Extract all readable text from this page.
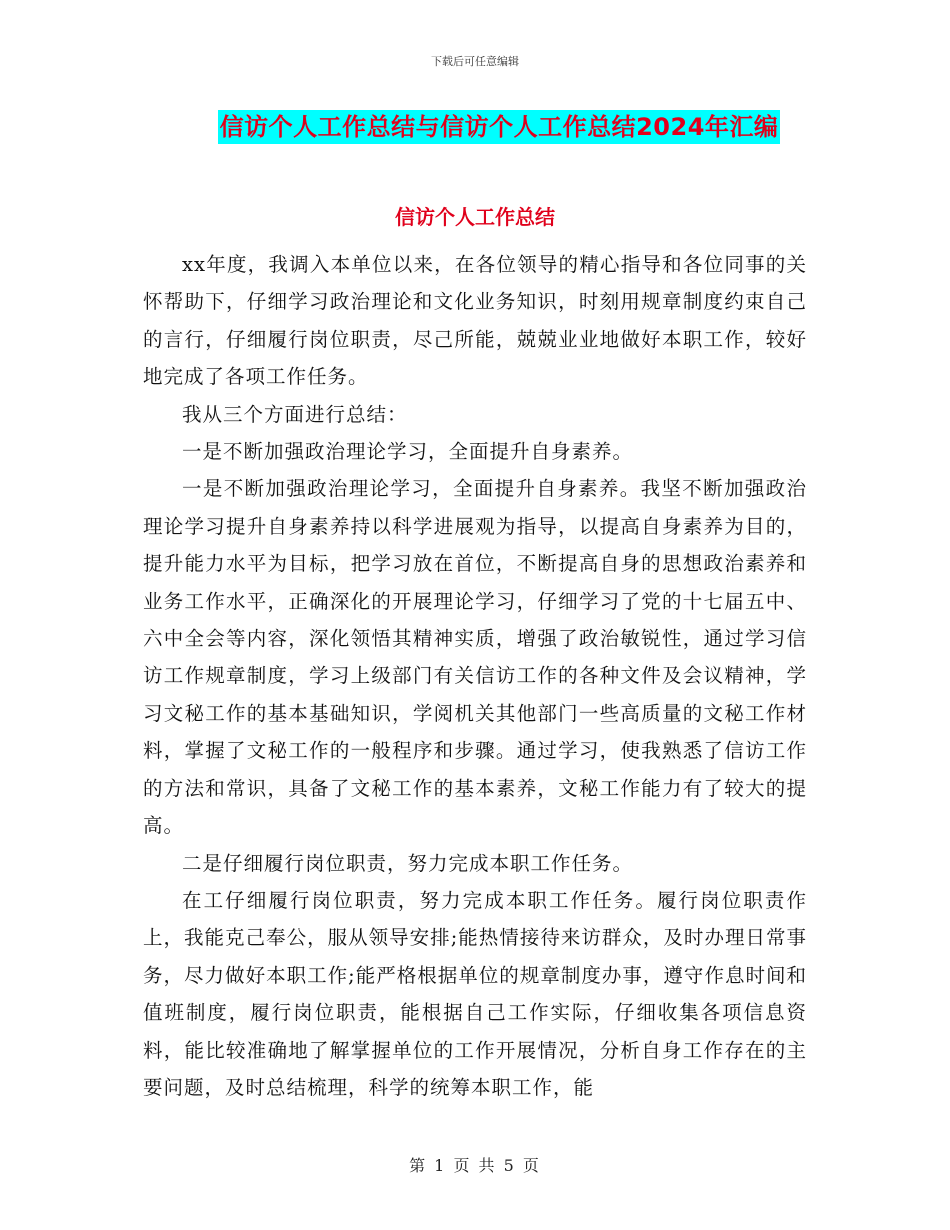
下载后可任意编辑
信访个人工作总结与信访个人工作总结2024年汇编
信访个人工作总结

xx年度，我调入本单位以来，在各位领导的精心指导和各位同事的关怀帮助下，仔细学习政治理论和文化业务知识，时刻用规章制度约束自己的言行，仔细履行岗位职责，尽己所能，兢兢业业地做好本职工作，较好地完成了各项工作任务。

我从三个方面进行总结：

一是不断加强政治理论学习，全面提升自身素养。

一是不断加强政治理论学习，全面提升自身素养。我坚不断加强政治理论学习提升自身素养持以科学进展观为指导，以提高自身素养为目的，提升能力水平为目标，把学习放在首位，不断提高自身的思想政治素养和业务工作水平，正确深化的开展理论学习，仔细学习了党的十七届五中、六中全会等内容，深化领悟其精神实质，增强了政治敏锐性，通过学习信访工作规章制度，学习上级部门有关信访工作的各种文件及会议精神，学习文秘工作的基本基础知识，学阅机关其他部门一些高质量的文秘工作材料，掌握了文秘工作的一般程序和步骤。通过学习，使我熟悉了信访工作的方法和常识，具备了文秘工作的基本素养，文秘工作能力有了较大的提高。

二是仔细履行岗位职责，努力完成本职工作任务。

在工仔细履行岗位职责，努力完成本职工作任务。履行岗位职责作上，我能克己奉公，服从领导安排;能热情接待来访群众，及时办理日常事务，尽力做好本职工作;能严格根据单位的规章制度办事，遵守作息时间和值班制度，履行岗位职责，能根据自己工作实际，仔细收集各项信息资料，能比较准确地了解掌握单位的工作开展情况，分析自身工作存在的主要问题，及时总结梳理，科学的统筹本职工作，能

第 1 页 共 5 页
